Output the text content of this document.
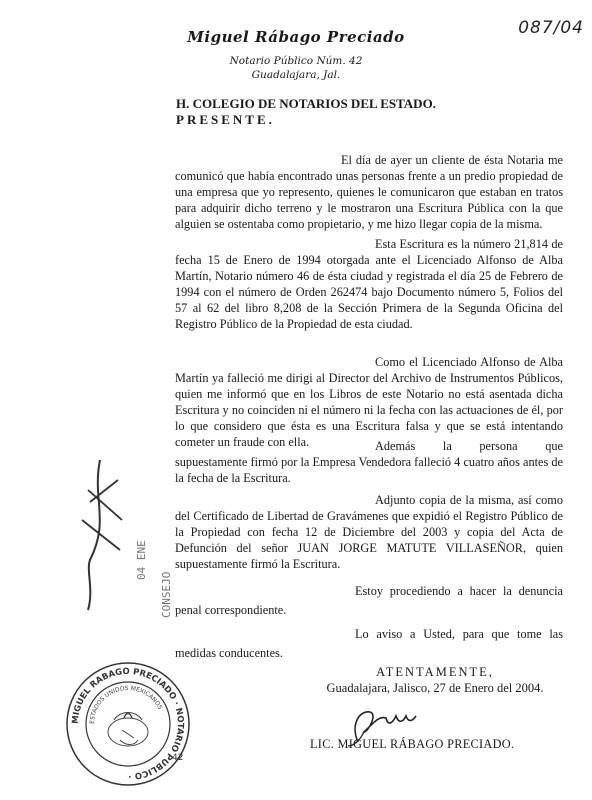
Miguel Rábago Preciado
Notario Público Núm. 42
Guadalajara, Jal.
087/04
H. COLEGIO DE NOTARIOS DEL ESTADO.
PRESENTE.
El día de ayer un cliente de ésta Notaria me comunicó que había encontrado unas personas frente a un predio propiedad de una empresa que yo represento, quienes le comunicaron que estaban en tratos para adquirir dicho terreno y le mostraron una Escritura Pública con la que alguien se ostentaba como propietario, y me hizo llegar copia de la misma.
Esta Escritura es la número 21,814 de fecha 15 de Enero de 1994 otorgada ante el Licenciado Alfonso de Alba Martín, Notario número 46 de ésta ciudad y registrada el día 25 de Febrero de 1994 con el número de Orden 262474 bajo Documento número 5, Folios del 57 al 62 del libro 8,208 de la Sección Primera de la Segunda Oficina del Registro Público de la Propiedad de esta ciudad.
Como el Licenciado Alfonso de Alba Martín ya falleció me dirigi al Director del Archivo de Instrumentos Públicos, quien me informó que en los Libros de este Notario no está asentada dicha Escritura y no coinciden ni el número ni la fecha con las actuaciones de él, por lo que considero que ésta es una Escritura falsa y que se está intentando cometer un fraude con ella.	Además la persona que supuestamente firmó por la Empresa Vendedora falleció 4 cuatro años antes de la fecha de la Escritura.
Adjunto copia de la misma, así como del Certificado de Libertad de Gravámenes que expidió el Registro Público de la Propiedad con fecha 12 de Diciembre del 2003 y copia del Acta de Defunción del señor JUAN JORGE MATUTE VILLASEÑOR, quien supuestamente firmó la Escritura.
Estoy procediendo a hacer la denuncia penal correspondiente.
Lo aviso a Usted, para que tome las medidas conducentes.
ATENTAMENTE,
Guadalajara, Jalisco, 27 de Enero del 2004.
LIC. MIGUEL RÁBAGO PRECIADO.
04 ENE
CONSEJO
MIGUEL RABAGO PRECIADO · NOTARIO PUBLICO ·
ESTADOS UNIDOS MEXICANOS
42
